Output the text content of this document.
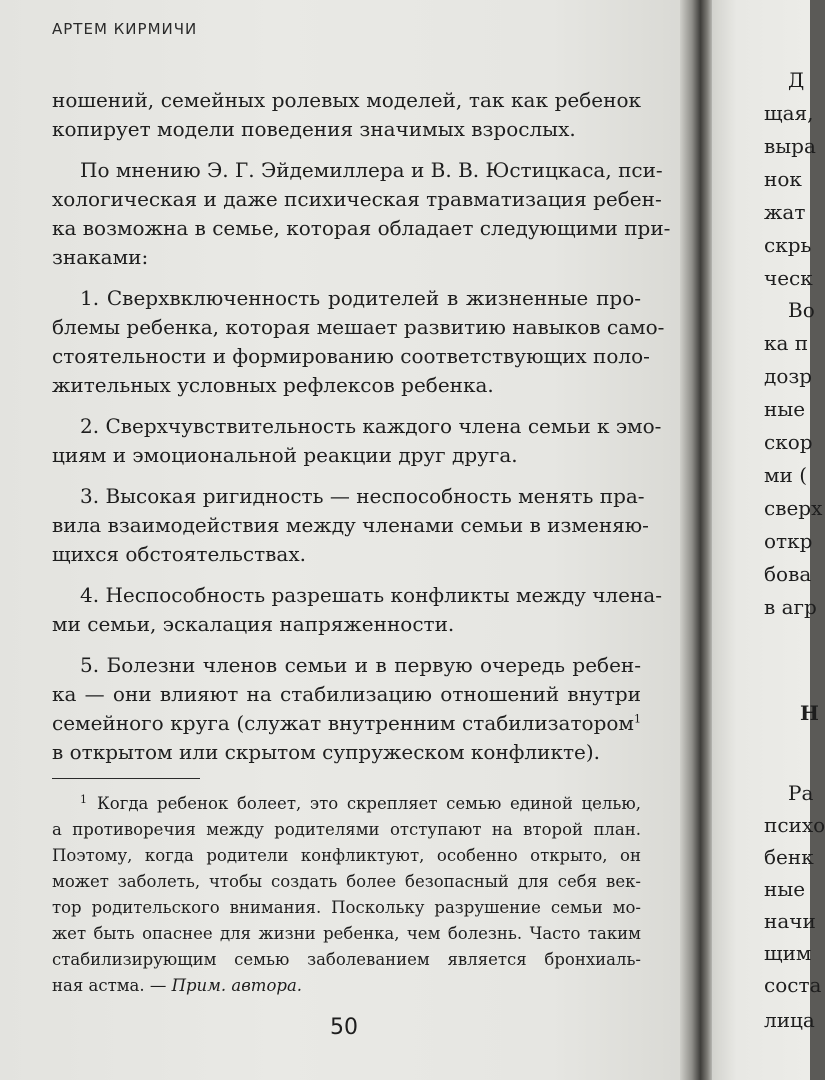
АРТЕМ КИРМИЧИ
ношений, семейных ролевых моделей, так как ребенок
копирует модели поведения значимых взрослых.
По мнению Э. Г. Эйдемиллера и В. В. Юстицкаса, пси-
хологическая и даже психическая травматизация ребен-
ка возможна в семье, которая обладает следующими при-
знаками:
1. Сверхвключенность родителей в жизненные про-
блемы ребенка, которая мешает развитию навыков само-
стоятельности и формированию соответствующих поло-
жительных условных рефлексов ребенка.
2. Сверхчувствительность каждого члена семьи к эмо-
циям и эмоциональной реакции друг друга.
3. Высокая ригидность — неспособность менять пра-
вила взаимодействия между членами семьи в изменяю-
щихся обстоятельствах.
4. Неспособность разрешать конфликты между члена-
ми семьи, эскалация напряженности.
5. Болезни членов семьи и в первую очередь ребен-
ка — они влияют на стабилизацию отношений внутри
семейного круга (служат внутренним стабилизатором$^1$
в открытом или скрытом супружеском конфликте).
$^1$ Когда ребенок болеет, это скрепляет семью единой целью,
а противоречия между родителями отступают на второй план.
Поэтому, когда родители конфликтуют, особенно открыто, он
может заболеть, чтобы создать более безопасный для себя век-
тор родительского внимания. Поскольку разрушение семьи мо-
жет быть опаснее для жизни ребенка, чем болезнь. Часто таким
стабилизирующим семью заболеванием является бронхиаль-
ная астма. — Прим. автора.
50
Д
щая,
выра
нок
жат
скрь
ческ
Во
ка п
дозр
ные
скор
ми (
сверх
откр
бова
в агр
Н
Ра
психо
бенк
ные
начи
щим
соста
лица
